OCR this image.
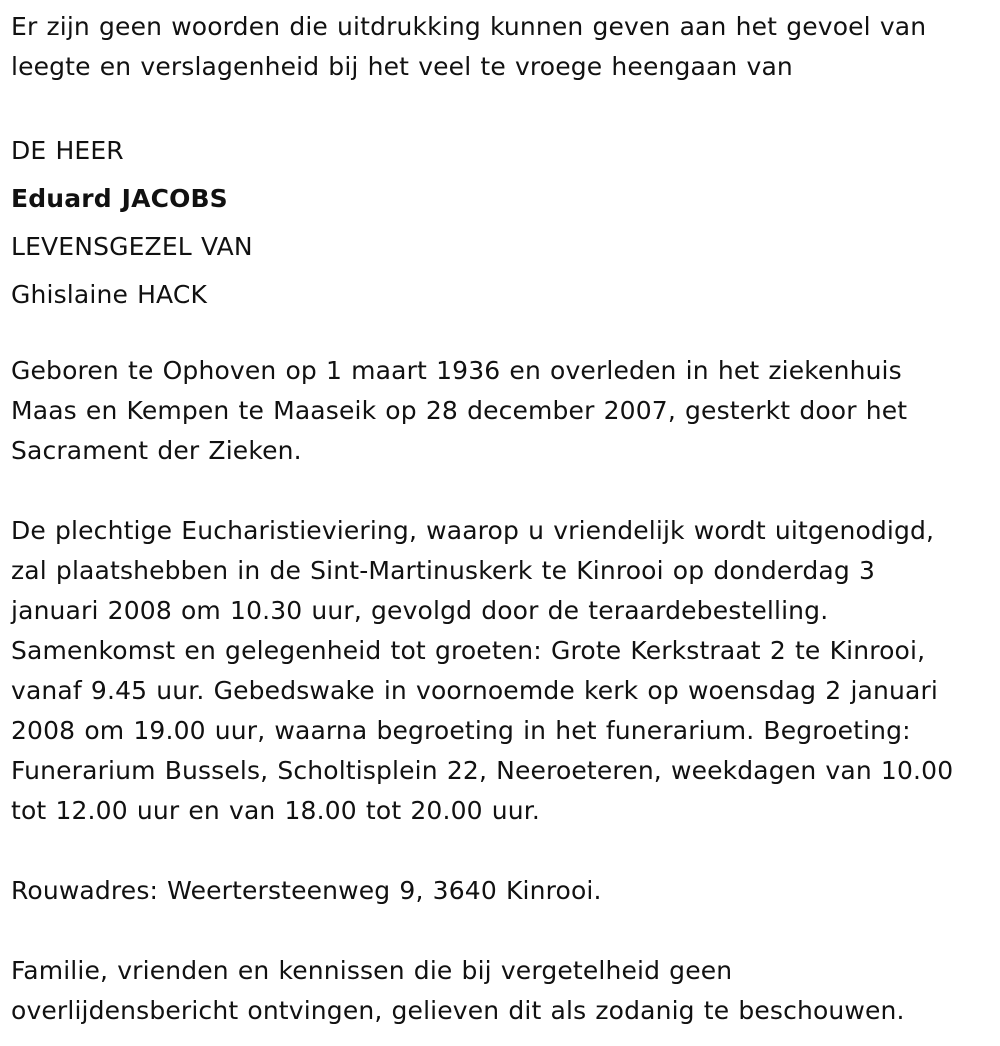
Er zijn geen woorden die uitdrukking kunnen geven aan het gevoel van
leegte en verslagenheid bij het veel te vroege heengaan van
DE HEER
Eduard JACOBS
LEVENSGEZEL VAN
Ghislaine HACK
Geboren te Ophoven op 1 maart 1936 en overleden in het ziekenhuis
Maas en Kempen te Maaseik op 28 december 2007, gesterkt door het
Sacrament der Zieken.
De plechtige Eucharistieviering, waarop u vriendelijk wordt uitgenodigd,
zal plaatshebben in de Sint-Martinuskerk te Kinrooi op donderdag 3
januari 2008 om 10.30 uur, gevolgd door de teraardebestelling.
Samenkomst en gelegenheid tot groeten: Grote Kerkstraat 2 te Kinrooi,
vanaf 9.45 uur. Gebedswake in voornoemde kerk op woensdag 2 januari
2008 om 19.00 uur, waarna begroeting in het funerarium. Begroeting:
Funerarium Bussels, Scholtisplein 22, Neeroeteren, weekdagen van 10.00
tot 12.00 uur en van 18.00 tot 20.00 uur.
Rouwadres: Weertersteenweg 9, 3640 Kinrooi.
Familie, vrienden en kennissen die bij vergetelheid geen
overlijdensbericht ontvingen, gelieven dit als zodanig te beschouwen.
